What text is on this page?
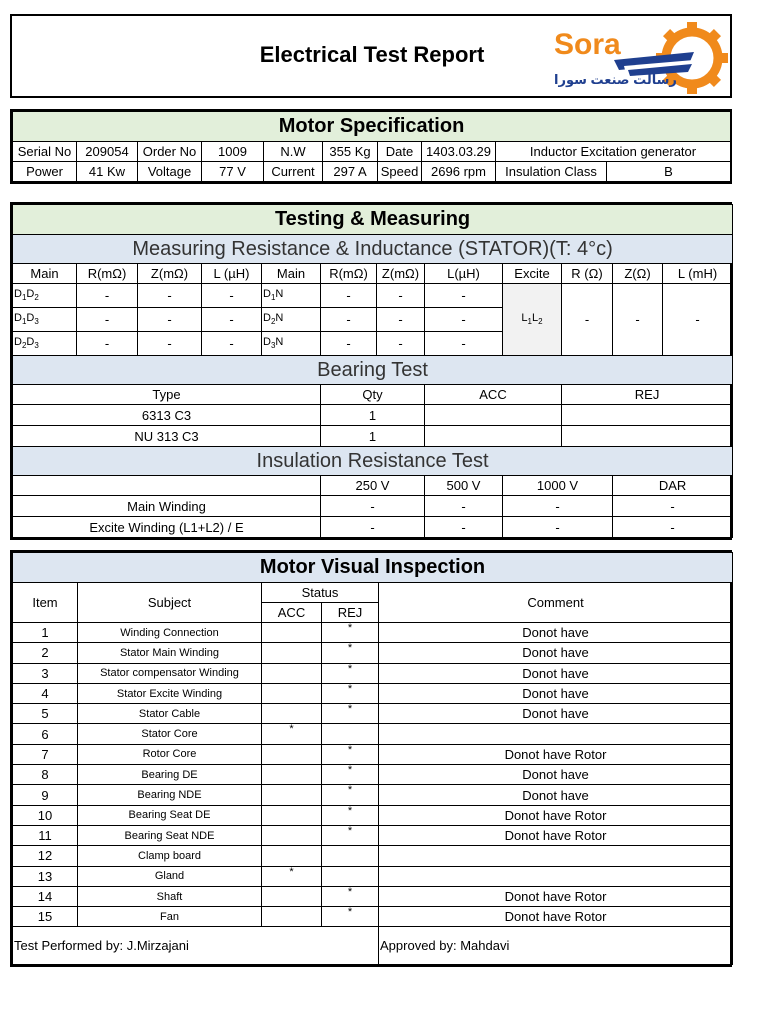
Electrical Test Report	Sora
رسالت صنعت سورا
Motor Specification									
Serial No	209054	Order No	1009	N.W	355 Kg	Date	1403.03.29	Inductor Excitation generator	
Power	41 Kw	Voltage	77 V	Current	297 A	Speed	2696 rpm	Insulation Class	B
Testing & Measuring											
Measuring Resistance & Inductance (STATOR)(T: 4°c)											
Main	R(mΩ)	Z(mΩ)	L (µH)	Main	R(mΩ)	Z(mΩ)	L(µH)	Excite	R (Ω)	Z(Ω)	L (mH)
$D_1D_2$	-	-	-	$D_1N$	-	-	-	$L_1L_2$	-	-	-
$D_1D_3$	-	-	-	$D_2N$	-	-	-				
$D_2D_3$	-	-	-	$D_3N$	-	-	-				
Bearing Test											
Type					Qty		ACC		REJ		
6313 C3					1						
NU 313 C3					1						
Insulation Resistance Test											
					250 V		500 V	1000 V		DAR	
Main Winding					-		-	-		-	
Excite Winding (L1+L2) / E					-		-	-		-	
Motor Visual Inspection				
Item	Subject	Status		Comment
		ACC	REJ	
1	Winding Connection		*	Donot have
2	Stator Main Winding		*	Donot have
3	Stator compensator Winding		*	Donot have
4	Stator Excite Winding		*	Donot have
5	Stator Cable		*	Donot have
6	Stator Core	*		
7	Rotor Core		*	Donot have Rotor
8	Bearing DE		*	Donot have
9	Bearing NDE		*	Donot have
10	Bearing Seat DE		*	Donot have Rotor
11	Bearing Seat NDE		*	Donot have Rotor
12	Clamp board			
13	Gland	*		
14	Shaft		*	Donot have Rotor
15	Fan		*	Donot have Rotor
Test Performed by: J.Mirzajani				Approved by: Mahdavi
